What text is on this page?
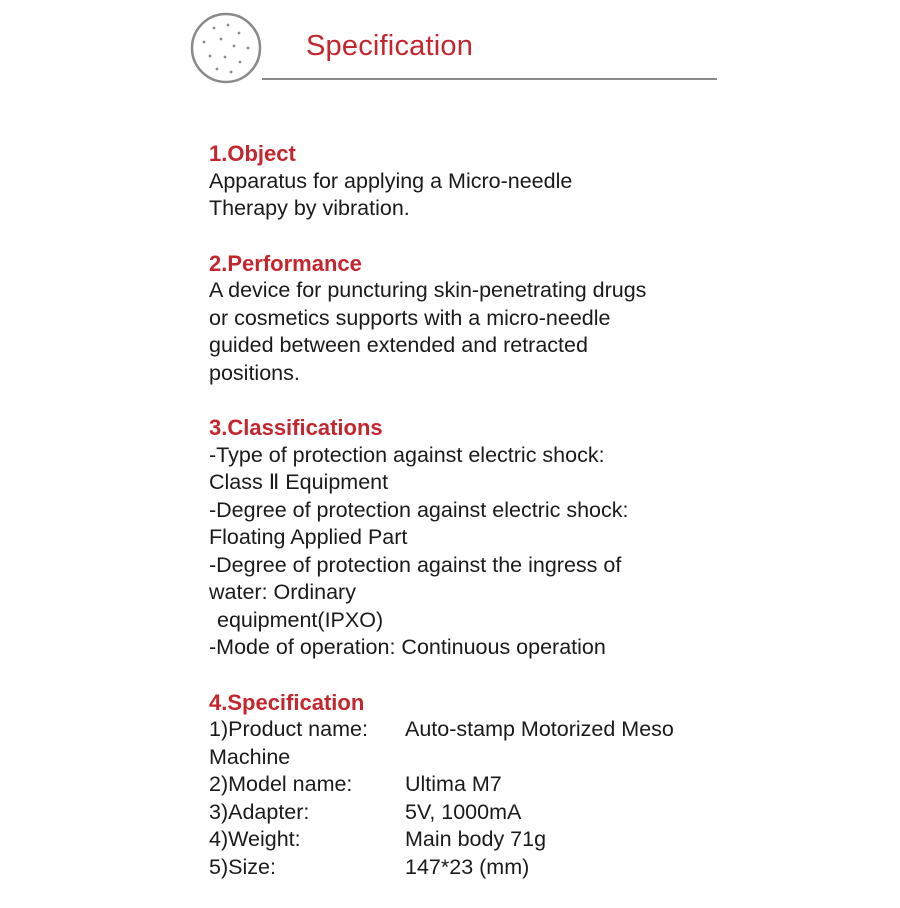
Specification
1.Object
Apparatus for applying a Micro-needle
Therapy by vibration.
2.Performance
A device for puncturing skin-penetrating drugs
or cosmetics supports with a micro-needle
guided between extended and retracted
positions.
3.Classifications
-Type of protection against electric shock:
Class Ⅱ Equipment
-Degree of protection against electric shock:
Floating Applied Part
-Degree of protection against the ingress of
water: Ordinary
equipment(IPXO)
-Mode of operation: Continuous operation
4.Specification
1)Product name:	Auto-stamp Motorized Meso
Machine
2)Model name:	Ultima M7
3)Adapter:	5V, 1000mA
4)Weight:	Main body 71g
5)Size:	147*23 (mm)
